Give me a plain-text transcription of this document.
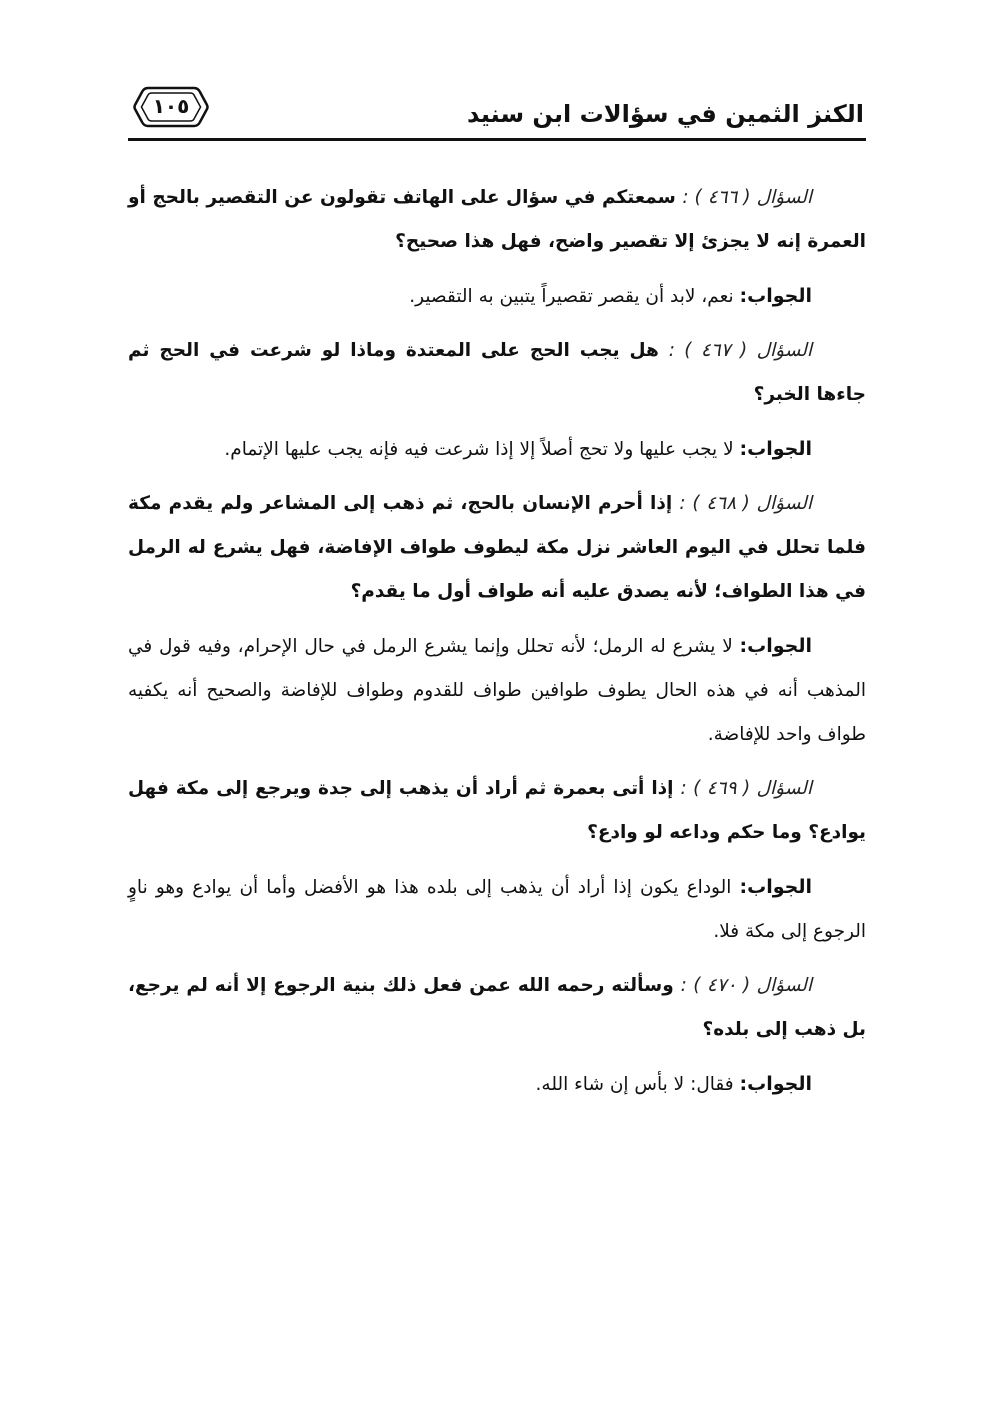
الكنز الثمين في سؤالات ابن سنيد
١٠٥

السؤال ( ٤٦٦ ) : سمعتكم في سؤال على الهاتف تقولون عن التقصير بالحج أو العمرة إنه لا يجزئ إلا تقصير واضح، فهل هذا صحيح؟

الجواب: نعم، لابد أن يقصر تقصيراً يتبين به التقصير.

السؤال ( ٤٦٧ ) : هل يجب الحج على المعتدة وماذا لو شرعت في الحج ثم جاءها الخبر؟

الجواب: لا يجب عليها ولا تحج أصلاً إلا إذا شرعت فيه فإنه يجب عليها الإتمام.

السؤال ( ٤٦٨ ) : إذا أحرم الإنسان بالحج، ثم ذهب إلى المشاعر ولم يقدم مكة فلما تحلل في اليوم العاشر نزل مكة ليطوف طواف الإفاضة، فهل يشرع له الرمل في هذا الطواف؛ لأنه يصدق عليه أنه طواف أول ما يقدم؟

الجواب: لا يشرع له الرمل؛ لأنه تحلل وإنما يشرع الرمل في حال الإحرام، وفيه قول في المذهب أنه في هذه الحال يطوف طوافين طواف للقدوم وطواف للإفاضة والصحيح أنه يكفيه طواف واحد للإفاضة.

السؤال ( ٤٦٩ ) : إذا أتى بعمرة ثم أراد أن يذهب إلى جدة ويرجع إلى مكة فهل يوادع؟ وما حكم وداعه لو وادع؟

الجواب: الوداع يكون إذا أراد أن يذهب إلى بلده هذا هو الأفضل وأما أن يوادع وهو ناوٍ الرجوع إلى مكة فلا.

السؤال ( ٤٧٠ ) : وسألته رحمه الله عمن فعل ذلك بنية الرجوع إلا أنه لم يرجع، بل ذهب إلى بلده؟

الجواب: فقال: لا بأس إن شاء الله.
